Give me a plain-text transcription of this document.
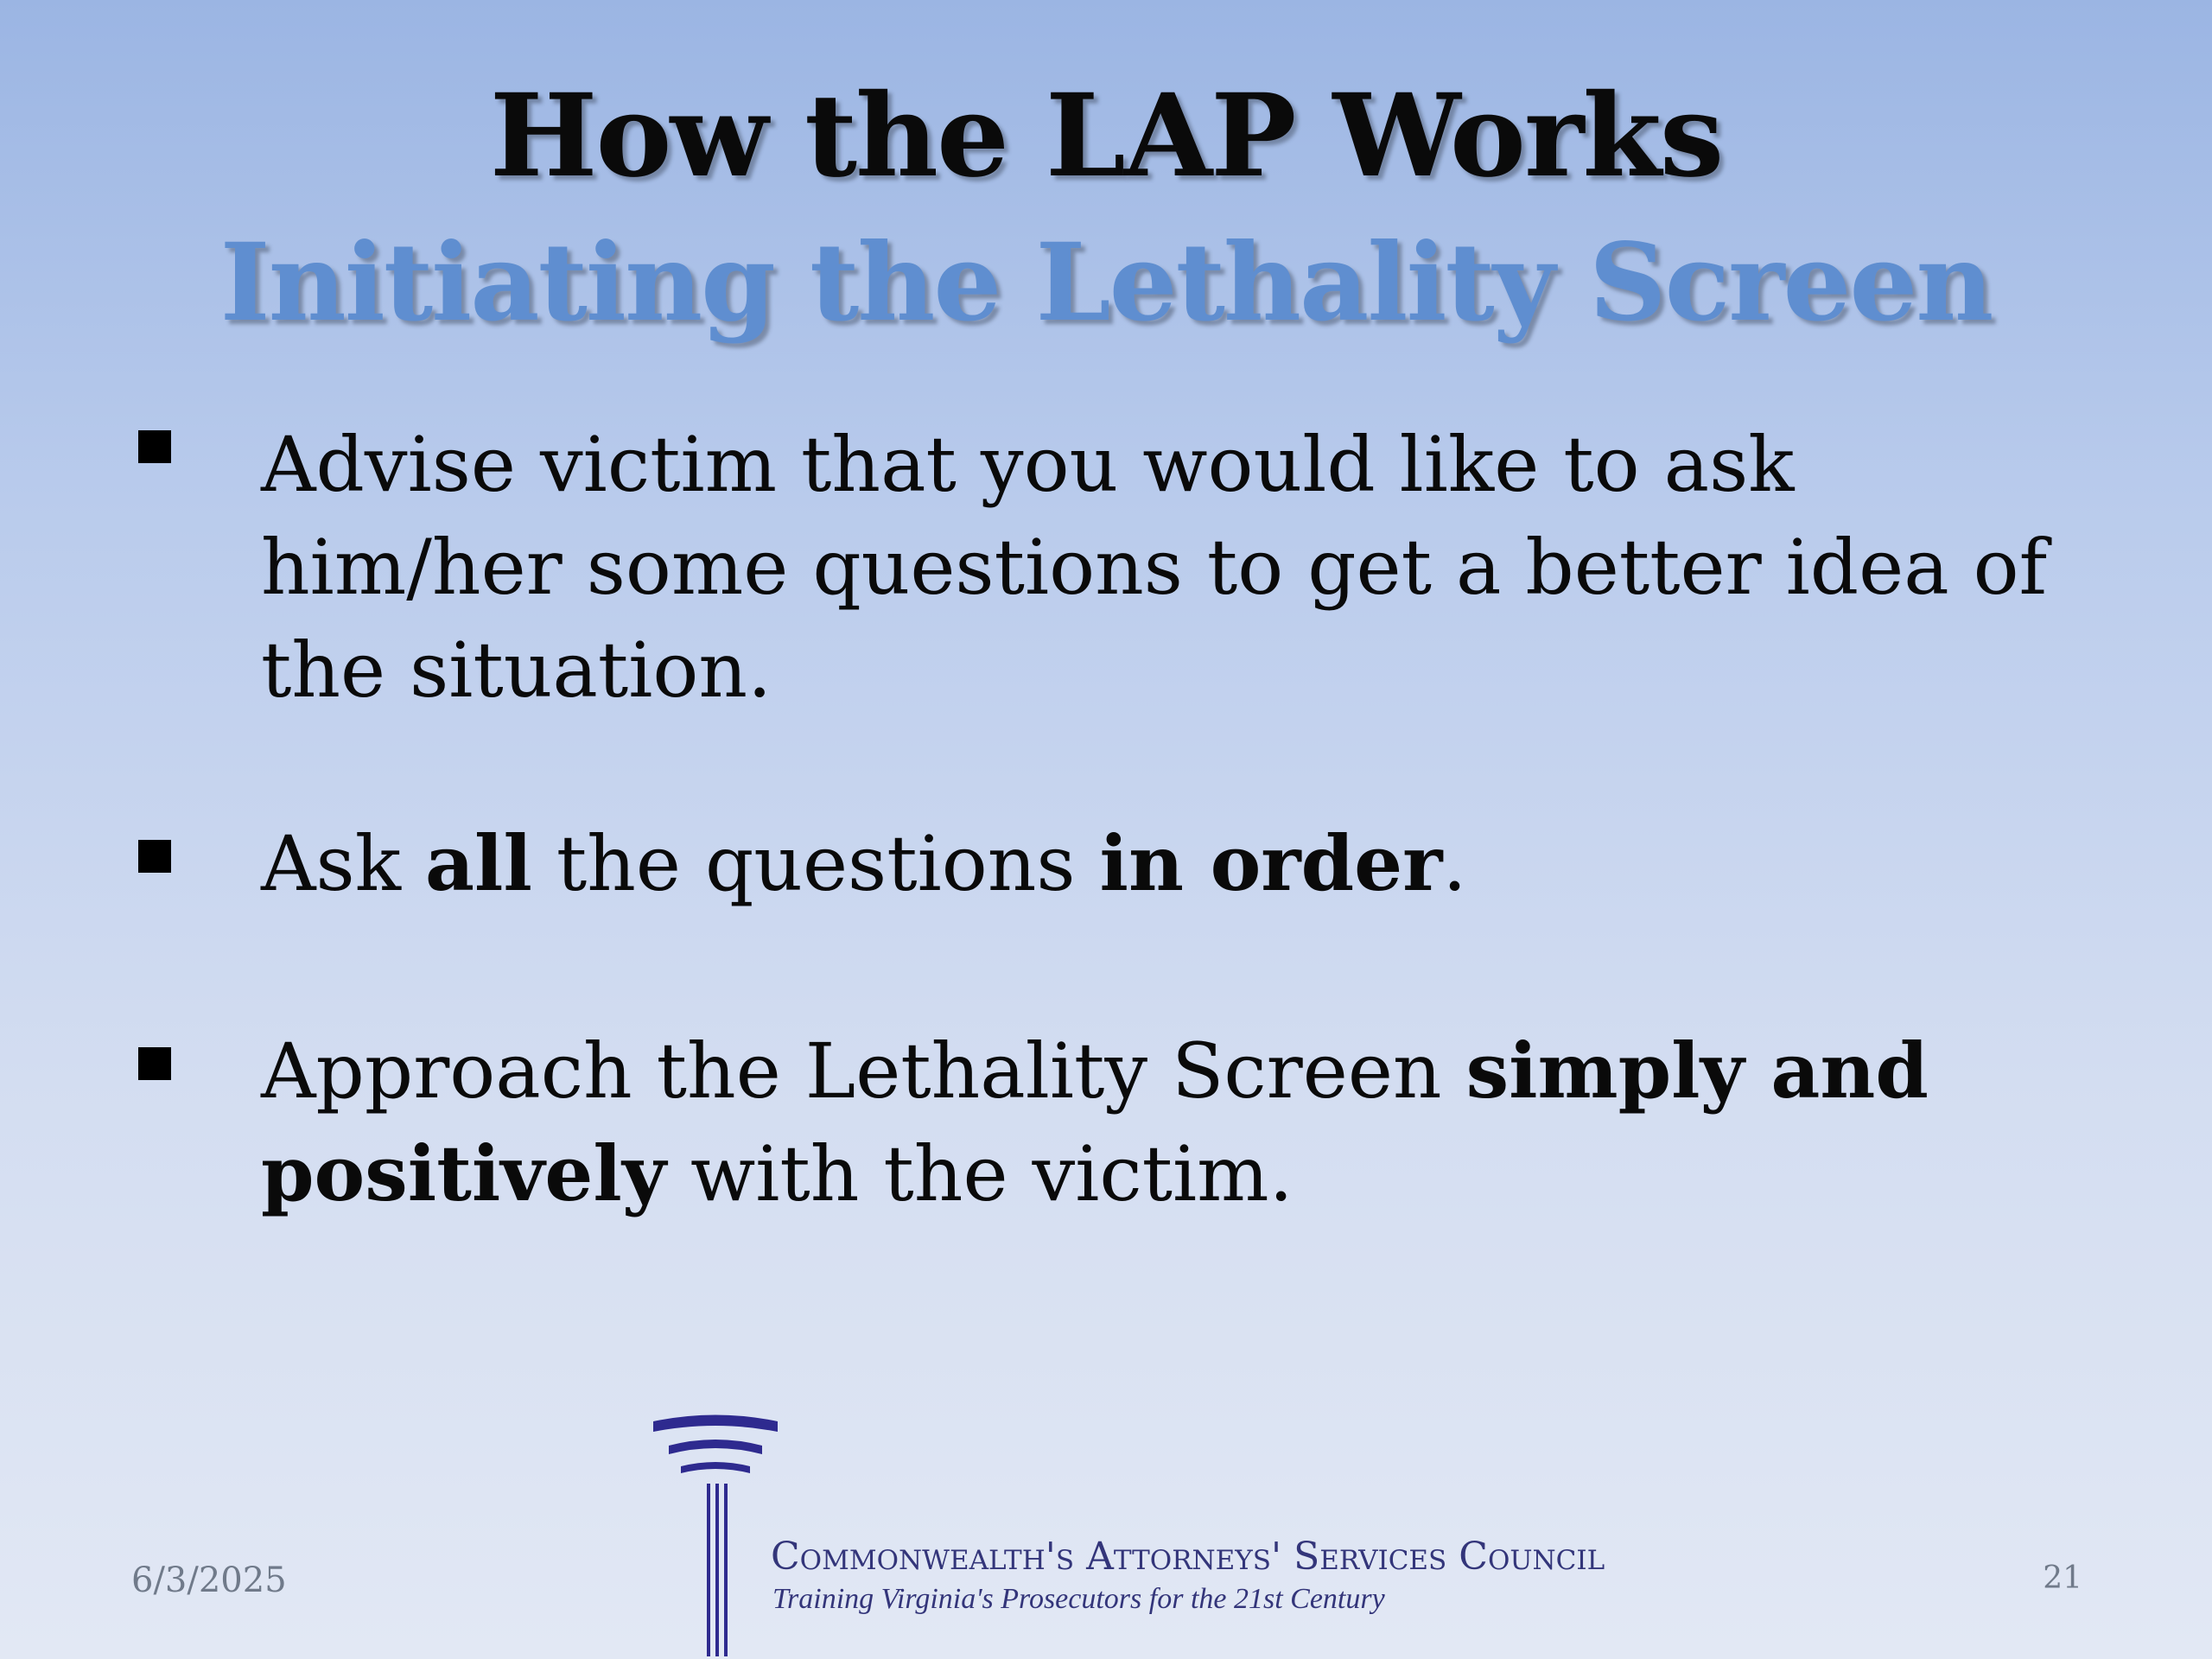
How the LAP Works
Initiating the Lethality Screen
Advise victim that you would like to ask
him/her some questions to get a better idea of
the situation.
Ask all the questions in order.
Approach the Lethality Screen simply and
positively with the victim.
6/3/2025
Commonwealth's Attorneys' Services Council
Training Virginia's Prosecutors for the 21st Century
21
